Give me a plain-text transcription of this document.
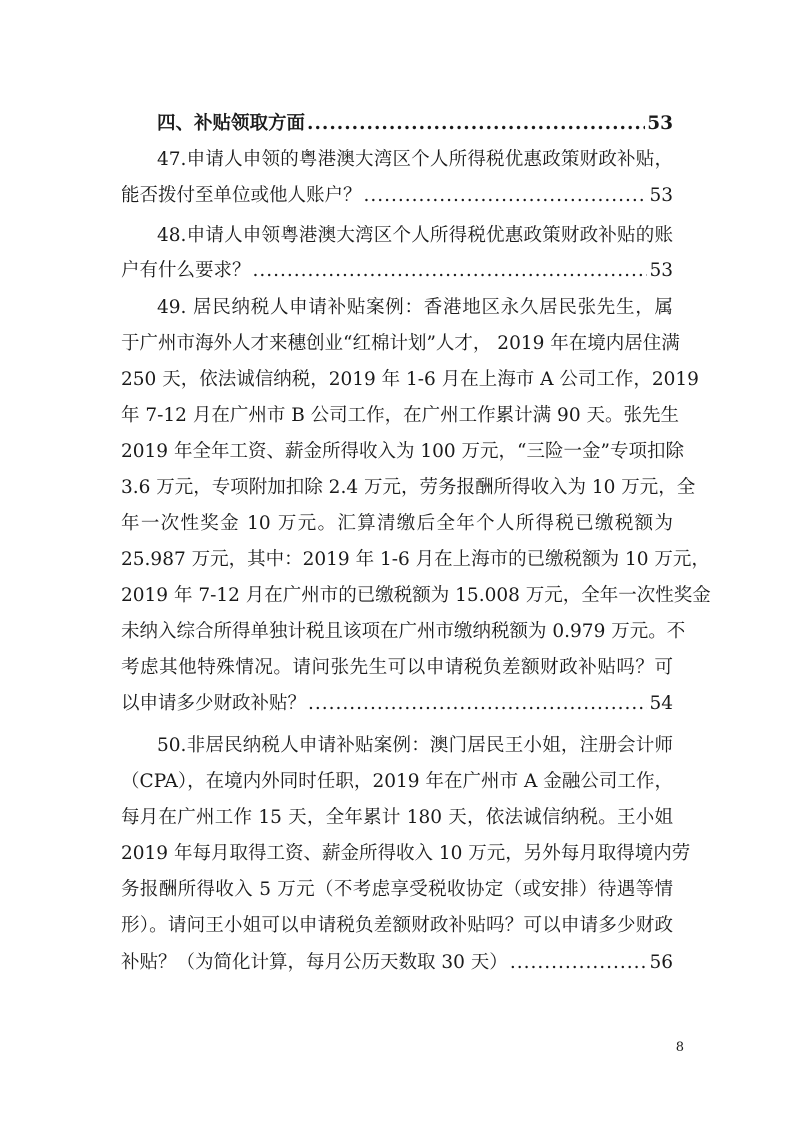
四、补贴领取方面 .....	53
47.申请人申领的粤港澳大湾区个人所得税优惠政策财政补贴，
能否拨付至单位或他人账户？ .....	53
48.申请人申领粤港澳大湾区个人所得税优惠政策财政补贴的账
户有什么要求？ .....	53
49. 居民纳税人申请补贴案例：香港地区永久居民张先生，属
于广州市海外人才来穗创业“红棉计划”人才， 2019 年在境内居住满
250 天，依法诚信纳税，2019 年 1-6 月在上海市 A 公司工作，2019
年 7-12 月在广州市 B 公司工作，在广州工作累计满 90 天。张先生
2019 年全年工资、薪金所得收入为 100 万元，“三险一金”专项扣除
3.6 万元，专项附加扣除 2.4 万元，劳务报酬所得收入为 10 万元，全
年一次性奖金 10 万元。汇算清缴后全年个人所得税已缴税额为
25.987 万元，其中：2019 年 1-6 月在上海市的已缴税额为 10 万元，
2019 年 7-12 月在广州市的已缴税额为 15.008 万元，全年一次性奖金
未纳入综合所得单独计税且该项在广州市缴纳税额为 0.979 万元。不
考虑其他特殊情况。请问张先生可以申请税负差额财政补贴吗？可
以申请多少财政补贴？ .....	54
50.非居民纳税人申请补贴案例：澳门居民王小姐，注册会计师
（CPA），在境内外同时任职，2019 年在广州市 A 金融公司工作，
每月在广州工作 15 天，全年累计 180 天，依法诚信纳税。王小姐
2019 年每月取得工资、薪金所得收入 10 万元，另外每月取得境内劳
务报酬所得收入 5 万元（不考虑享受税收协定（或安排）待遇等情
形）。请问王小姐可以申请税负差额财政补贴吗？可以申请多少财政
补贴？（为简化计算，每月公历天数取 30 天） .....	56
8
